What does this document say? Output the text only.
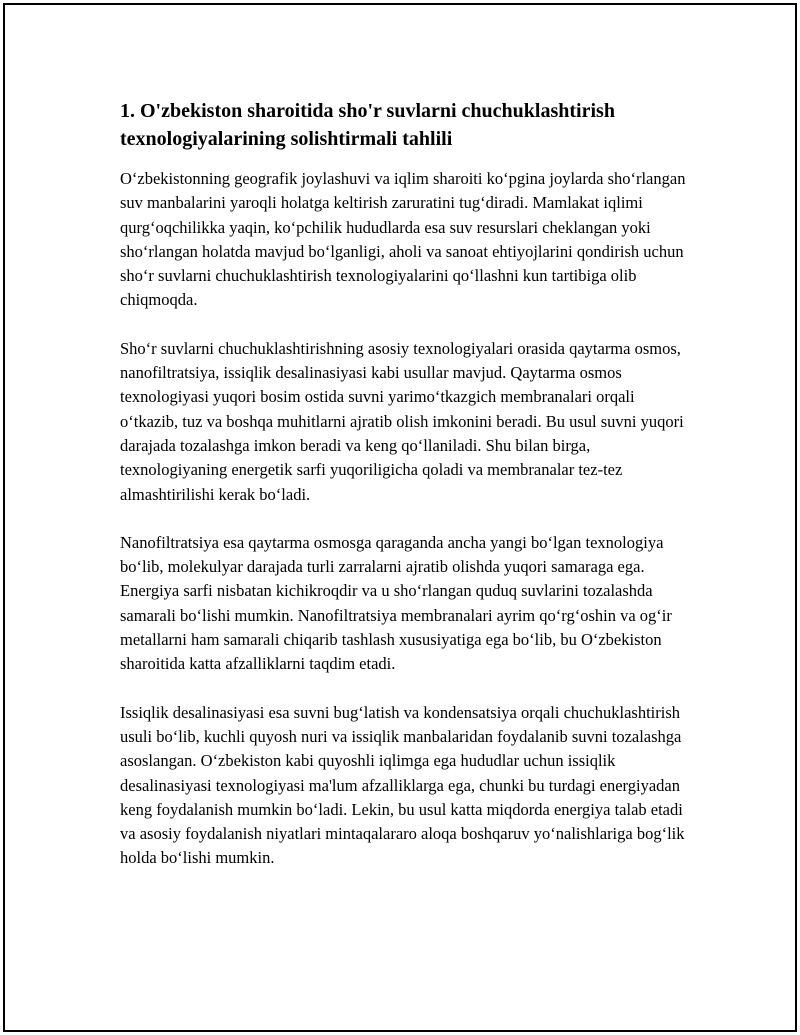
1. O'zbekiston sharoitida sho'r suvlarni chuchuklashtirish texnologiyalarining solishtirmali tahlili

O‘zbekistonning geografik joylashuvi va iqlim sharoiti ko‘pgina joylarda sho‘rlangan suv manbalarini yaroqli holatga keltirish zaruratini tug‘diradi. Mamlakat iqlimi qurg‘oqchilikka yaqin, ko‘pchilik hududlarda esa suv resurslari cheklangan yoki sho‘rlangan holatda mavjud bo‘lganligi, aholi va sanoat ehtiyojlarini qondirish uchun sho‘r suvlarni chuchuklashtirish texnologiyalarini qo‘llashni kun tartibiga olib chiqmoqda.

Sho‘r suvlarni chuchuklashtirishning asosiy texnologiyalari orasida qaytarma osmos, nanofiltratsiya, issiqlik desalinasiyasi kabi usullar mavjud. Qaytarma osmos texnologiyasi yuqori bosim ostida suvni yarimo‘tkazgich membranalari orqali o‘tkazib, tuz va boshqa muhitlarni ajratib olish imkonini beradi. Bu usul suvni yuqori darajada tozalashga imkon beradi va keng qo‘llaniladi. Shu bilan birga, texnologiyaning energetik sarfi yuqoriligicha qoladi va membranalar tez-tez almashtirilishi kerak bo‘ladi.

Nanofiltratsiya esa qaytarma osmosga qaraganda ancha yangi bo‘lgan texnologiya bo‘lib, molekulyar darajada turli zarralarni ajratib olishda yuqori samaraga ega. Energiya sarfi nisbatan kichikroqdir va u sho‘rlangan quduq suvlarini tozalashda samarali bo‘lishi mumkin. Nanofiltratsiya membranalari ayrim qo‘rg‘oshin va og‘ir metallarni ham samarali chiqarib tashlash xususiyatiga ega bo‘lib, bu O‘zbekiston sharoitida katta afzalliklarni taqdim etadi.

Issiqlik desalinasiyasi esa suvni bug‘latish va kondensatsiya orqali chuchuklashtirish usuli bo‘lib, kuchli quyosh nuri va issiqlik manbalaridan foydalanib suvni tozalashga asoslangan. O‘zbekiston kabi quyoshli iqlimga ega hududlar uchun issiqlik desalinasiyasi texnologiyasi ma'lum afzalliklarga ega, chunki bu turdagi energiyadan keng foydalanish mumkin bo‘ladi. Lekin, bu usul katta miqdorda energiya talab etadi va asosiy foydalanish niyatlari mintaqalararo aloqa boshqaruv yo‘nalishlariga bog‘lik holda bo‘lishi mumkin.
